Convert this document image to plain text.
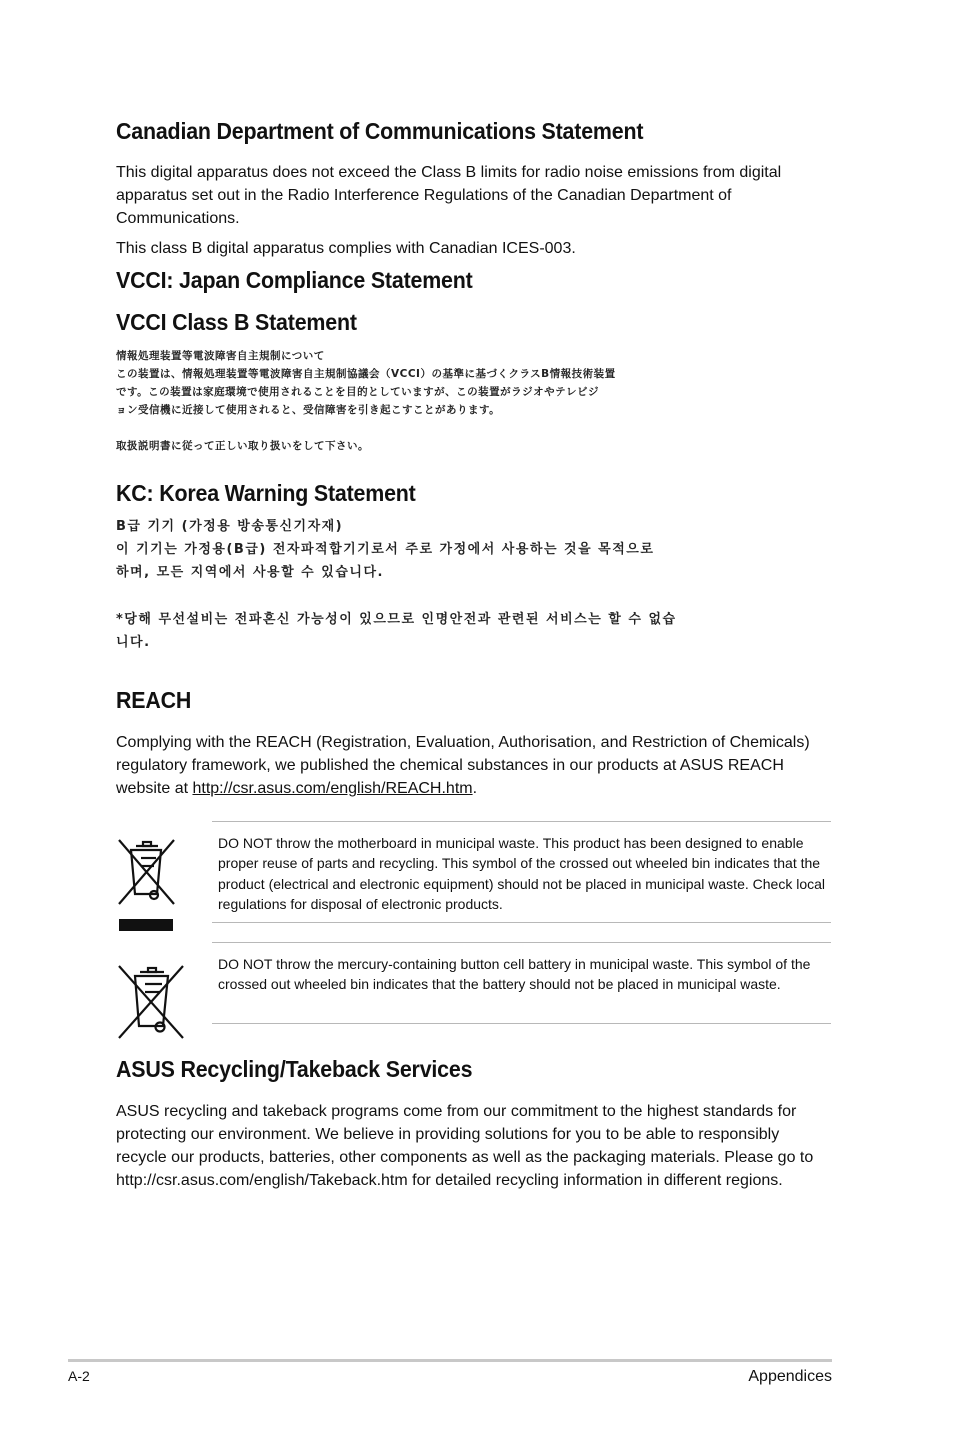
Canadian Department of Communications Statement

This digital apparatus does not exceed the Class B limits for radio noise emissions from digital apparatus set out in the Radio Interference Regulations of the Canadian Department of Communications.

This class B digital apparatus complies with Canadian ICES-003.

VCCI: Japan Compliance Statement
VCCI Class B Statement
情報処理装置等電波障害自主規制について
この装置は、情報処理装置等電波障害自主規制協議会（VCCI）の基準に基づくクラスB情報技術装置
です。この装置は家庭環境で使用されることを目的としていますが、この装置がラジオやテレビジ
ョン受信機に近接して使用されると、受信障害を引き起こすことがあります。
取扱説明書に従って正しい取り扱いをして下さい。
KC: Korea Warning Statement
B급 기기 (가정용 방송통신기자재)
이 기기는 가정용(B급) 전자파적합기기로서 주로 가정에서 사용하는 것을 목적으로
하며, 모든 지역에서 사용할 수 있습니다.
*당해 무선설비는 전파혼신 가능성이 있으므로 인명안전과 관련된 서비스는 할 수 없습
니다.
REACH

Complying with the REACH (Registration, Evaluation, Authorisation, and Restriction of Chemicals) regulatory framework, we published the chemical substances in our products at ASUS REACH website at http://csr.asus.com/english/REACH.htm.

DO NOT throw the motherboard in municipal waste. This product has been designed to enable proper reuse of parts and recycling. This symbol of the crossed out wheeled bin indicates that the product (electrical and electronic equipment) should not be placed in municipal waste. Check local regulations for disposal of electronic products.
DO NOT throw the mercury-containing button cell battery in municipal waste. This symbol of the crossed out wheeled bin indicates that the battery should not be placed in municipal waste.
ASUS Recycling/Takeback Services

ASUS recycling and takeback programs come from our commitment to the highest standards for protecting our environment. We believe in providing solutions for you to be able to responsibly recycle our products, batteries, other components as well as the packaging materials. Please go to http://csr.asus.com/english/Takeback.htm for detailed recycling information in different regions.

A-2	Appendices
